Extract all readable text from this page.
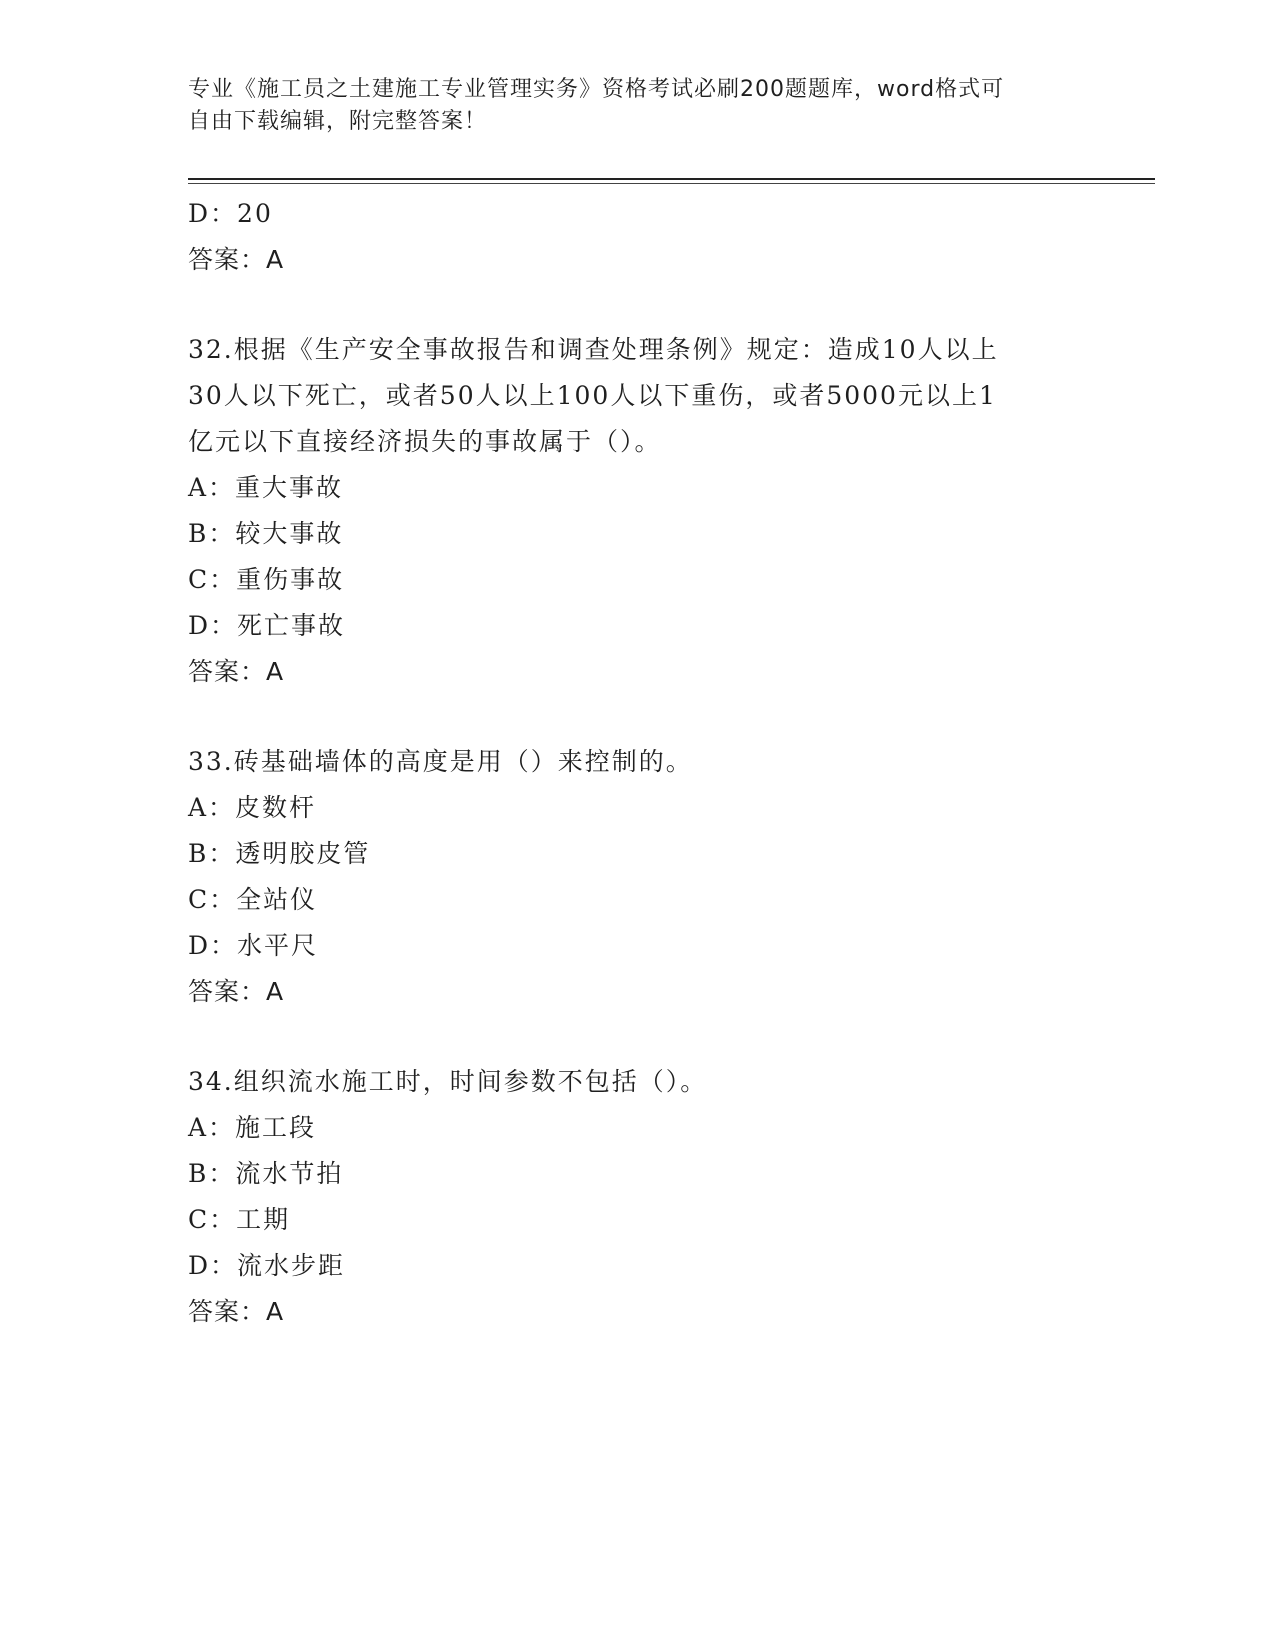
专业《施工员之土建施工专业管理实务》资格考试必刷200题题库，word格式可
自由下载编辑，附完整答案！
D：20
答案：A
32.根据《生产安全事故报告和调查处理条例》规定：造成10人以上
30人以下死亡，或者50人以上100人以下重伤，或者5000元以上1
亿元以下直接经济损失的事故属于（）。
A：重大事故
B：较大事故
C：重伤事故
D：死亡事故
答案：A
33.砖基础墙体的高度是用（）来控制的。
A：皮数杆
B：透明胶皮管
C：全站仪
D：水平尺
答案：A
34.组织流水施工时，时间参数不包括（）。
A：施工段
B：流水节拍
C：工期
D：流水步距
答案：A
